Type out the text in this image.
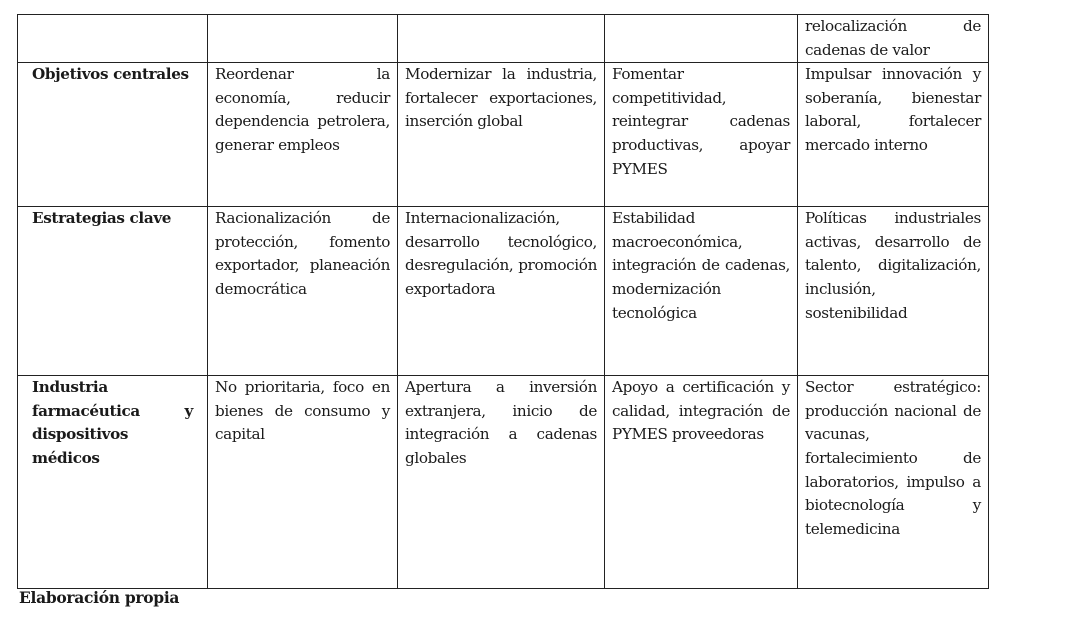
				relocalización de cadenas de valor
Objetivos centrales	Reordenar la economía, reducir dependencia petrolera, generar empleos	Modernizar la industria, fortalecer exportaciones, inserción global	Fomentar competitividad, reintegrar cadenas productivas, apoyar PYMES	Impulsar innovación y soberanía, bienestar laboral, fortalecer mercado interno
Estrategias clave	Racionalización de protección, fomento exportador, planeación democrática	Internacionalización, desarrollo tecnológico, desregulación, promoción exportadora	Estabilidad macroeconómica, integración de cadenas, modernización tecnológica	Políticas industriales activas, desarrollo de talento, digitalización, inclusión, sostenibilidad
Industria farmacéutica y dispositivos médicos	No prioritaria, foco en bienes de consumo y capital	Apertura a inversión extranjera, inicio de integración a cadenas globales	Apoyo a certificación y calidad, integración de PYMES proveedoras	Sector estratégico: producción nacional de vacunas, fortalecimiento de laboratorios, impulso a biotecnología y telemedicina
Elaboración propia
